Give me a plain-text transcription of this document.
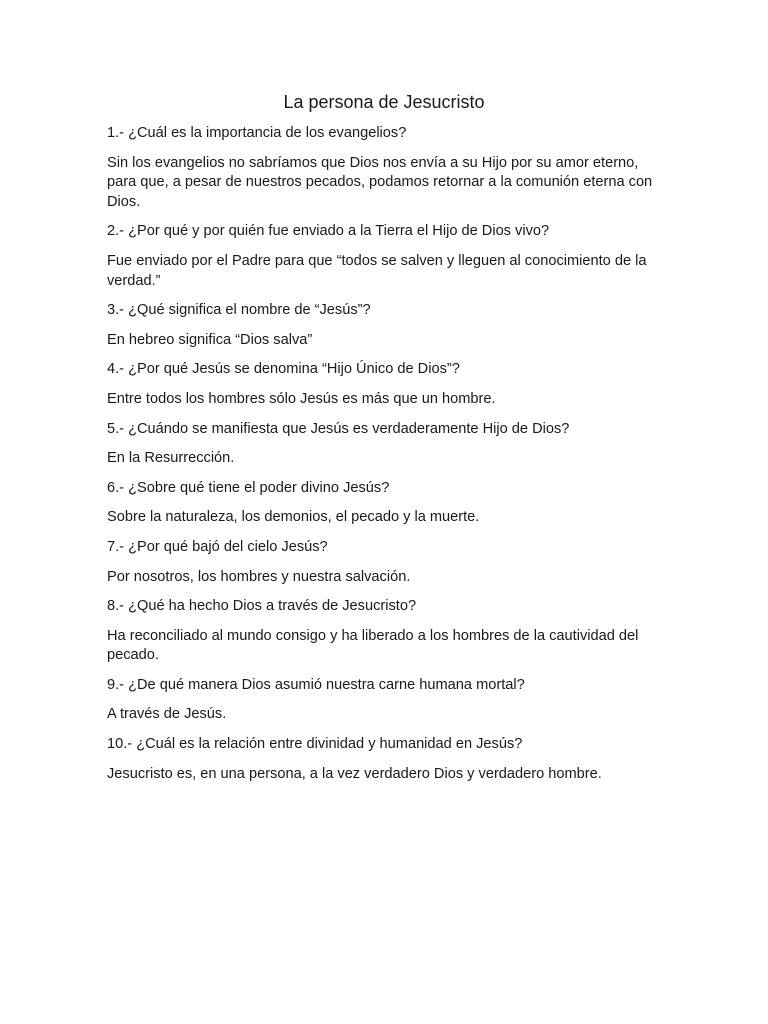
La persona de Jesucristo

1.- ¿Cuál es la importancia de los evangelios?

Sin los evangelios no sabríamos que Dios nos envía a su Hijo por su amor eterno, para que, a pesar de nuestros pecados, podamos retornar a la comunión eterna con Dios.

2.- ¿Por qué y por quién fue enviado a la Tierra el Hijo de Dios vivo?

Fue enviado por el Padre para que “todos se salven y lleguen al conocimiento de la verdad.”

3.- ¿Qué significa el nombre de “Jesús”?

En hebreo significa “Dios salva”

4.- ¿Por qué Jesús se denomina “Hijo Único de Dios”?

Entre todos los hombres sólo Jesús es más que un hombre.

5.- ¿Cuándo se manifiesta que Jesús es verdaderamente Hijo de Dios?

En la Resurrección.

6.- ¿Sobre qué tiene el poder divino Jesús?

Sobre la naturaleza, los demonios, el pecado y la muerte.

7.- ¿Por qué bajó del cielo Jesús?

Por nosotros, los hombres y nuestra salvación.

8.- ¿Qué ha hecho Dios a través de Jesucristo?

Ha reconciliado al mundo consigo y ha liberado a los hombres de la cautividad del pecado.

9.- ¿De qué manera Dios asumió nuestra carne humana mortal?

A través de Jesús.

10.- ¿Cuál es la relación entre divinidad y humanidad en Jesús?

Jesucristo es, en una persona, a la vez verdadero Dios y verdadero hombre.
